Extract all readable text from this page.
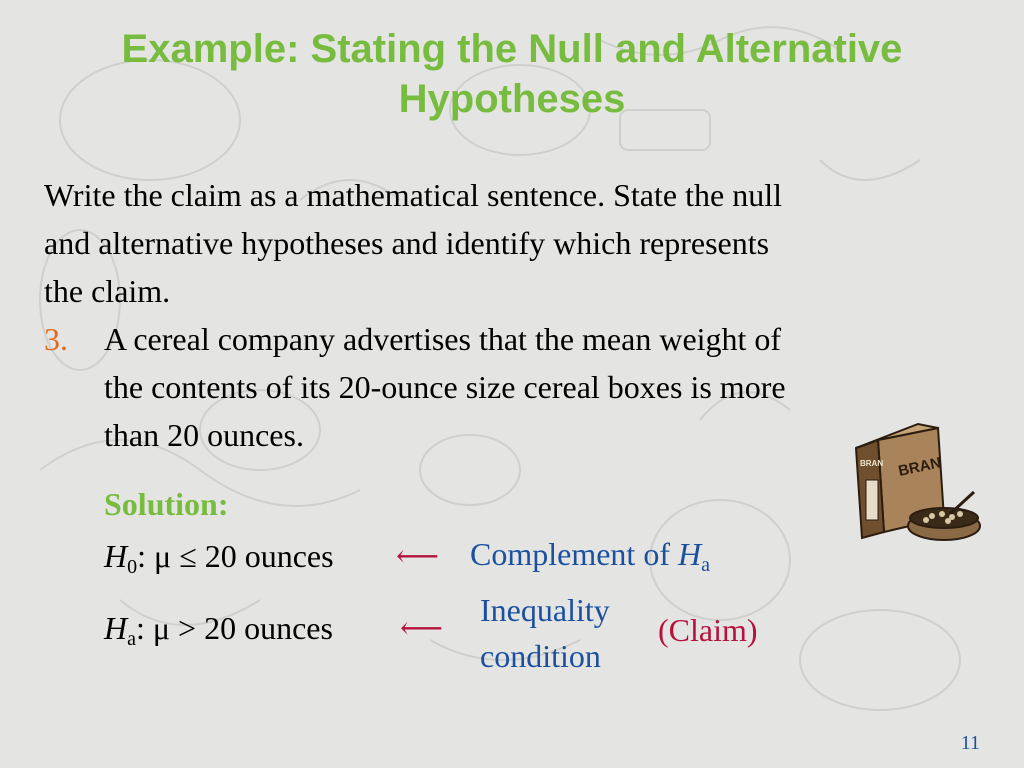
Example: Stating the Null and Alternative
Hypotheses
Write the claim as a mathematical sentence. State the null
and alternative hypotheses and identify which represents
the claim.
3. A cereal company advertises that the mean weight of
the contents of its 20-ounce size cereal boxes is more
than 20 ounces.
BRAN
BRAN
Solution:
$H_0$: μ ≤ 20 ounces ⟵ Complement of $H_a$
$H_a$: μ > 20 ounces ⟵
Inequality
condition
(Claim)
11
